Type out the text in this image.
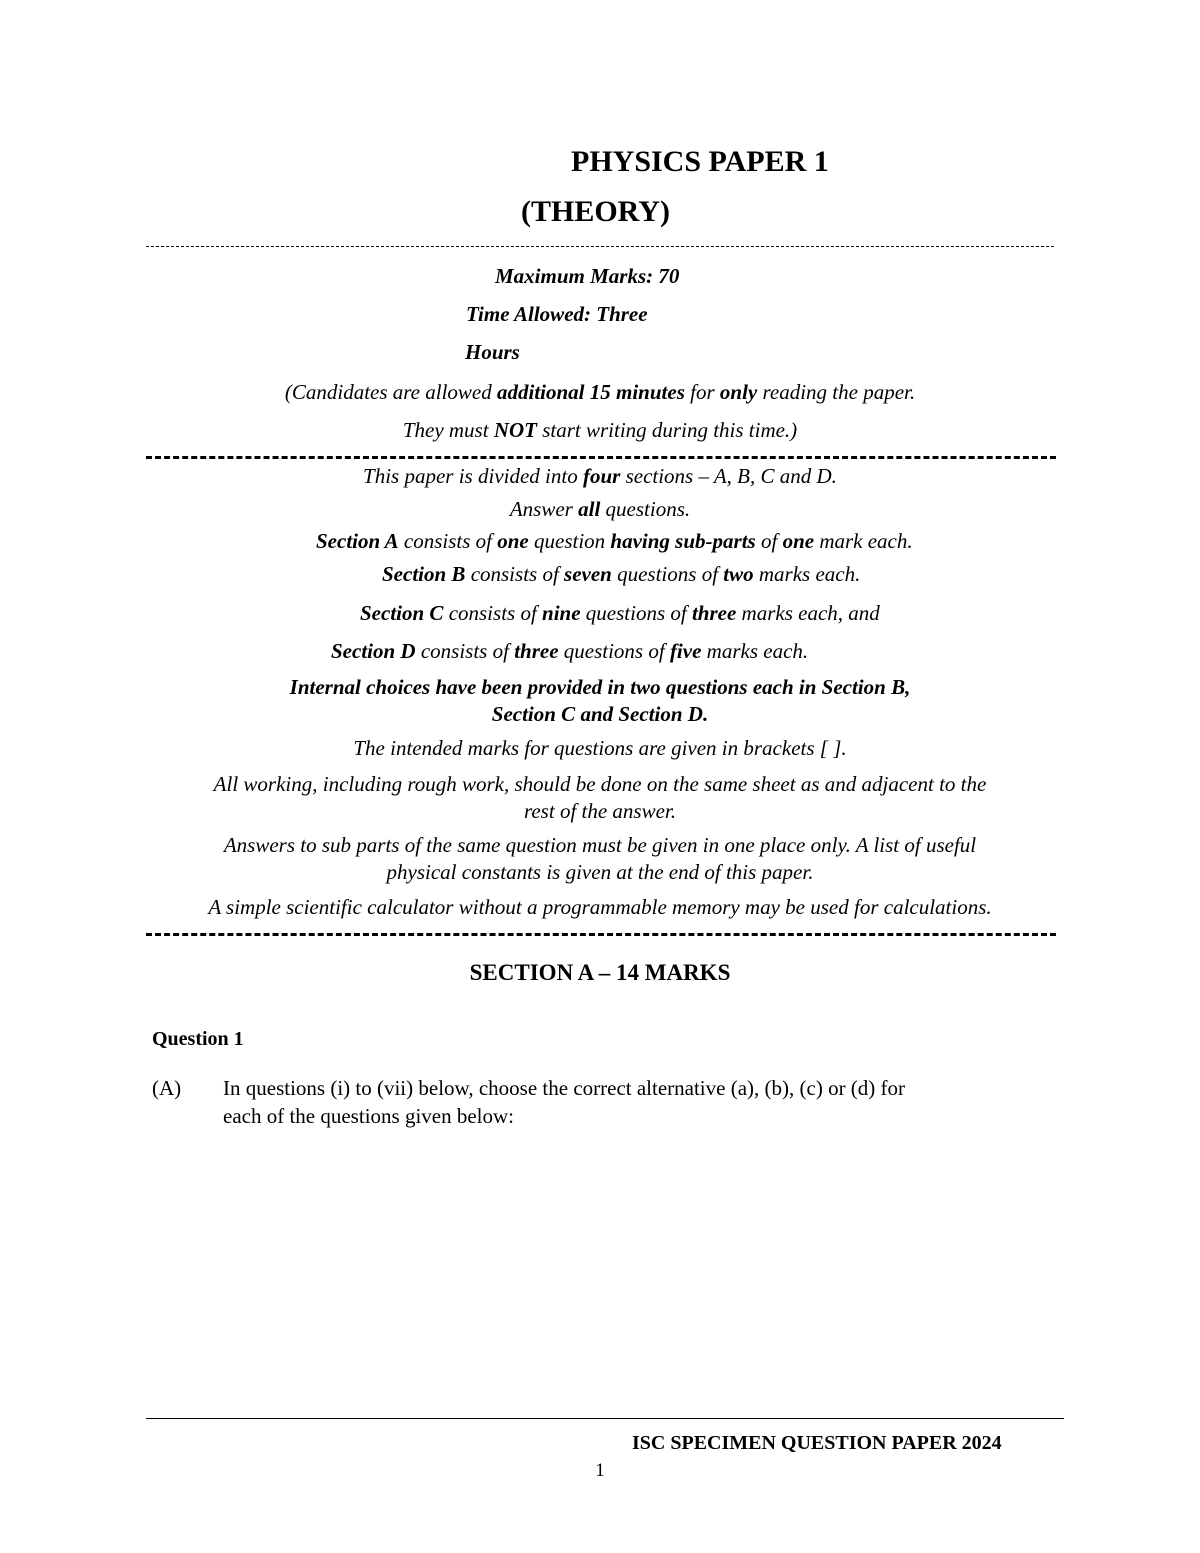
PHYSICS PAPER 1
(THEORY)
Maximum Marks: 70
Time Allowed: Three
Hours
(Candidates are allowed additional 15 minutes for only reading the paper.
They must NOT start writing during this time.)
This paper is divided into four sections – A, B, C and D.
Answer all questions.
Section A consists of one question having sub-parts of one mark each.
Section B consists of seven questions of two marks each.
Section C consists of nine questions of three marks each, and
Section D consists of three questions of five marks each.
Internal choices have been provided in two questions each in Section B,
Section C and Section D.
The intended marks for questions are given in brackets [ ].
All working, including rough work, should be done on the same sheet as and adjacent to the
rest of the answer.
Answers to sub parts of the same question must be given in one place only. A list of useful
physical constants is given at the end of this paper.
A simple scientific calculator without a programmable memory may be used for calculations.
SECTION A – 14 MARKS
Question 1
(A) In questions (i) to (vii) below, choose the correct alternative (a), (b), (c) or (d) for
each of the questions given below:
ISC SPECIMEN QUESTION PAPER 2024
1
